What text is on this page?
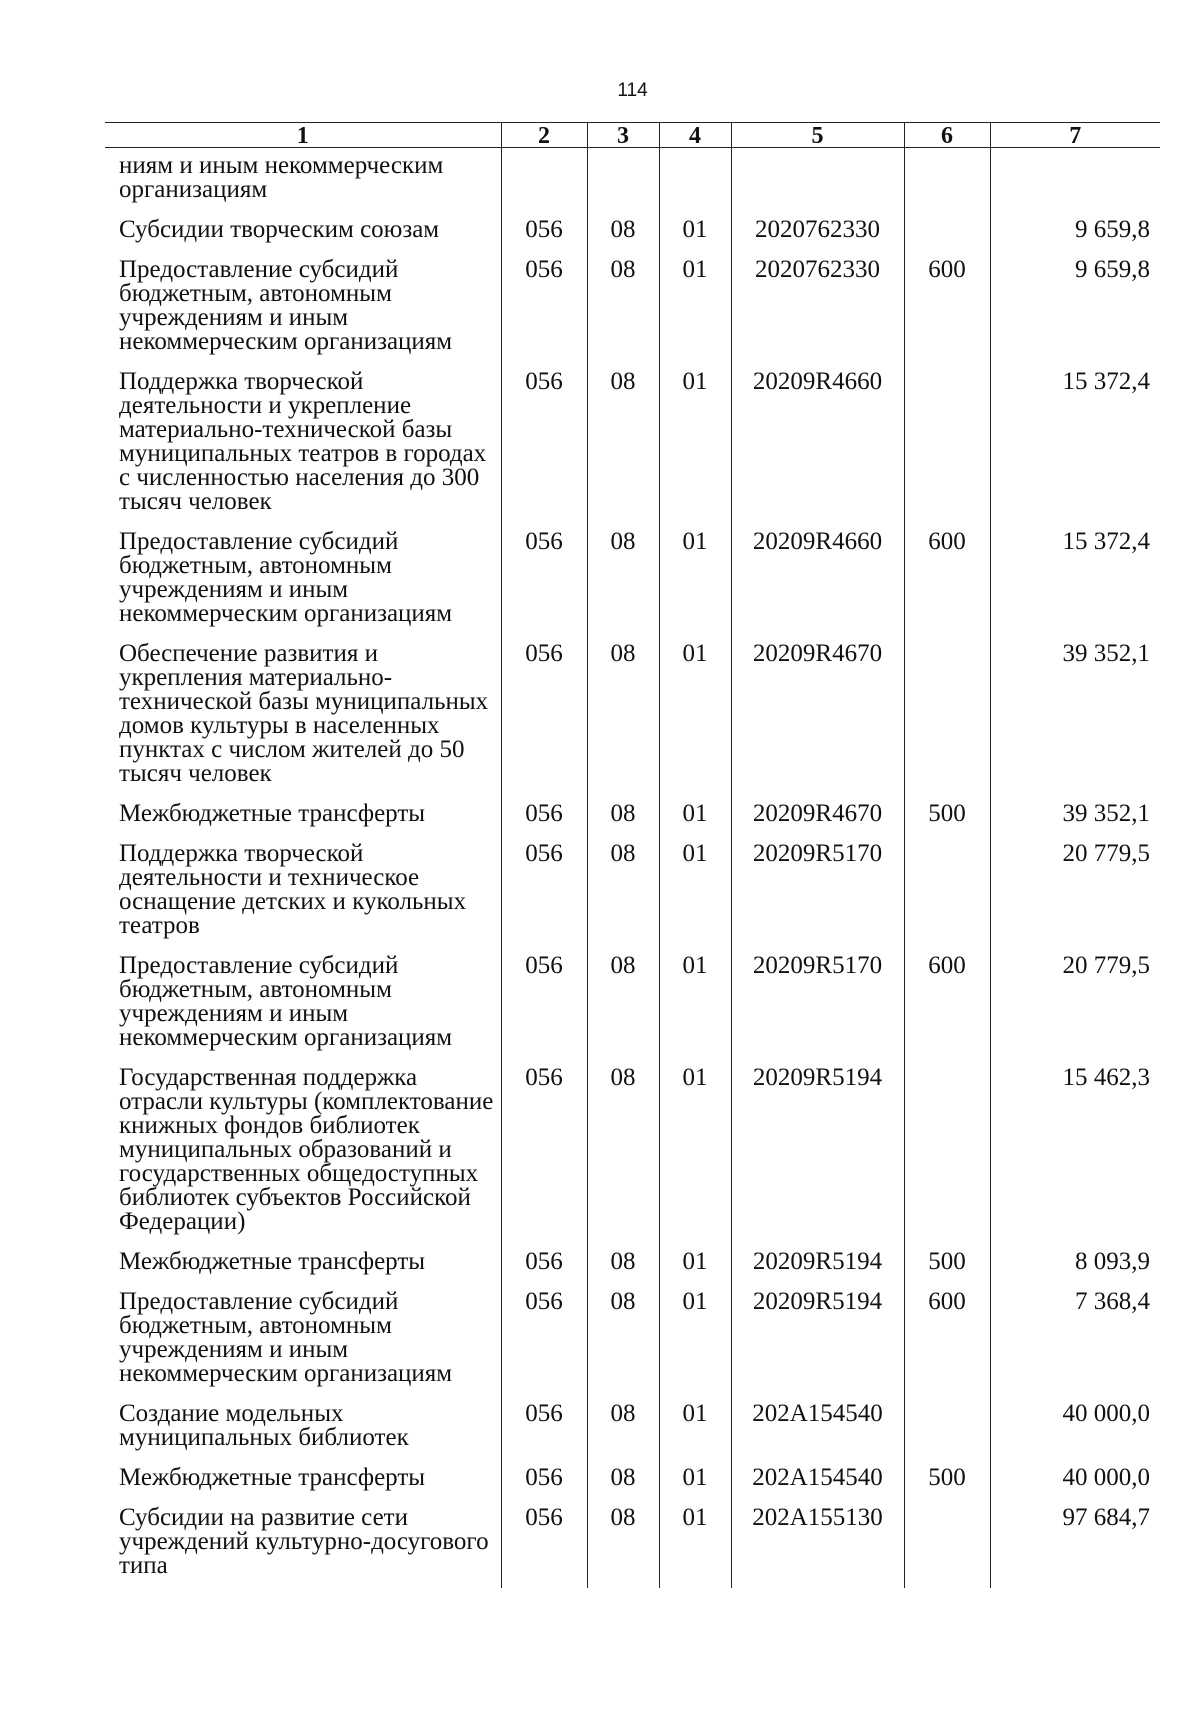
114
1	2	3	4	5	6	7
ниям и иным некоммерческим организациям						
Субсидии творческим союзам	056	08	01	2020762330		9 659,8
Предоставление субсидий бюджетным, автономным учреждениям и иным некоммерческим организациям	056	08	01	2020762330	600	9 659,8
Поддержка творческой деятельности и укрепление материально-технической базы муниципальных театров в городах с численностью населения до 300 тысяч человек	056	08	01	20209R4660		15 372,4
Предоставление субсидий бюджетным, автономным учреждениям и иным некоммерческим организациям	056	08	01	20209R4660	600	15 372,4
Обеспечение развития и укрепления материально-технической базы муниципальных домов культуры в населенных пунктах с числом жителей до 50 тысяч человек	056	08	01	20209R4670		39 352,1
Межбюджетные трансферты	056	08	01	20209R4670	500	39 352,1
Поддержка творческой деятельности и техническое оснащение детских и кукольных театров	056	08	01	20209R5170		20 779,5
Предоставление субсидий бюджетным, автономным учреждениям и иным некоммерческим организациям	056	08	01	20209R5170	600	20 779,5
Государственная поддержка отрасли культуры (комплектование книжных фондов библиотек муниципальных образований и государственных общедоступных библиотек субъектов Российской Федерации)	056	08	01	20209R5194		15 462,3
Межбюджетные трансферты	056	08	01	20209R5194	500	8 093,9
Предоставление субсидий бюджетным, автономным учреждениям и иным некоммерческим организациям	056	08	01	20209R5194	600	7 368,4
Создание модельных муниципальных библиотек	056	08	01	202A154540		40 000,0
Межбюджетные трансферты	056	08	01	202A154540	500	40 000,0
Субсидии на развитие сети учреждений культурно-досугового типа	056	08	01	202A155130		97 684,7
